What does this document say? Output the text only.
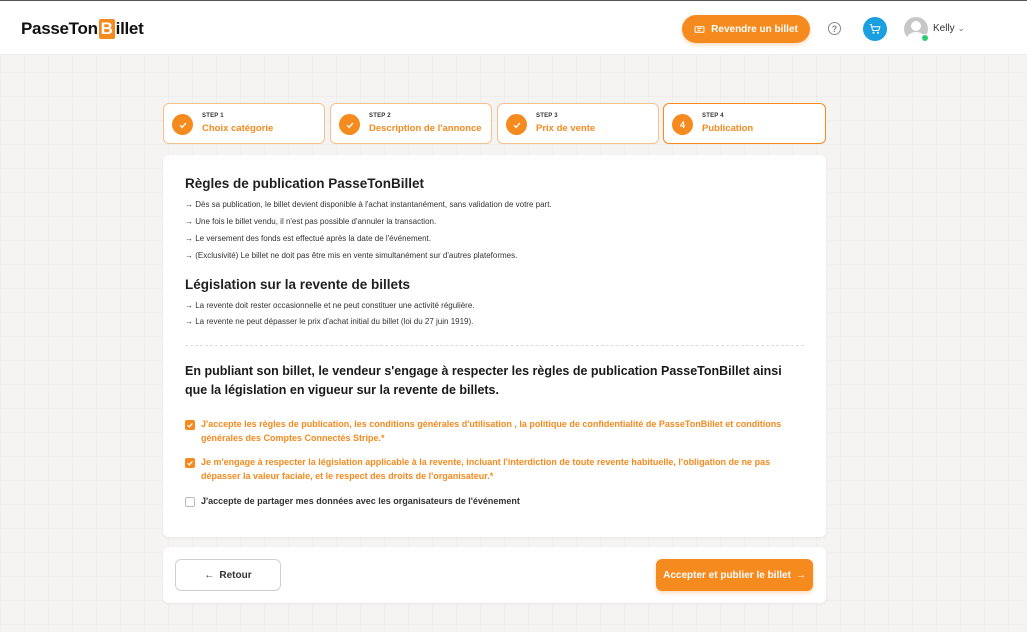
PasseTon B illet	Revendre un billet	?	Kelly ⌄
STEP 1
Choix catégorie
STEP 2
Description de l'annonce
STEP 3
Prix de vente	4
STEP 4
Publication
Règles de publication PasseTonBillet
→ Dès sa publication, le billet devient disponible à l'achat instantanément, sans validation de votre part.
→ Une fois le billet vendu, il n'est pas possible d'annuler la transaction.
→ Le versement des fonds est effectué après la date de l'événement.
→ (Exclusivité) Le billet ne doit pas être mis en vente simultanément sur d'autres plateformes.
Législation sur la revente de billets
→ La revente doit rester occasionnelle et ne peut constituer une activité régulière.
→ La revente ne peut dépasser le prix d'achat initial du billet (loi du 27 juin 1919).
En publiant son billet, le vendeur s'engage à respecter les règles de publication PasseTonBillet ainsi que la législation en vigueur sur la revente de billets.
J'accepte les règles de publication, les conditions générales d'utilisation , la politique de confidentialité de PasseTonBillet et conditions générales des Comptes Connectés Stripe.*
Je m'engage à respecter la législation applicable à la revente, incluant l'interdiction de toute revente habituelle, l'obligation de ne pas dépasser la valeur faciale, et le respect des droits de l'organisateur.*
J'accepte de partager mes données avec les organisateurs de l'événement
← Retour	Accepter et publier le billet →
